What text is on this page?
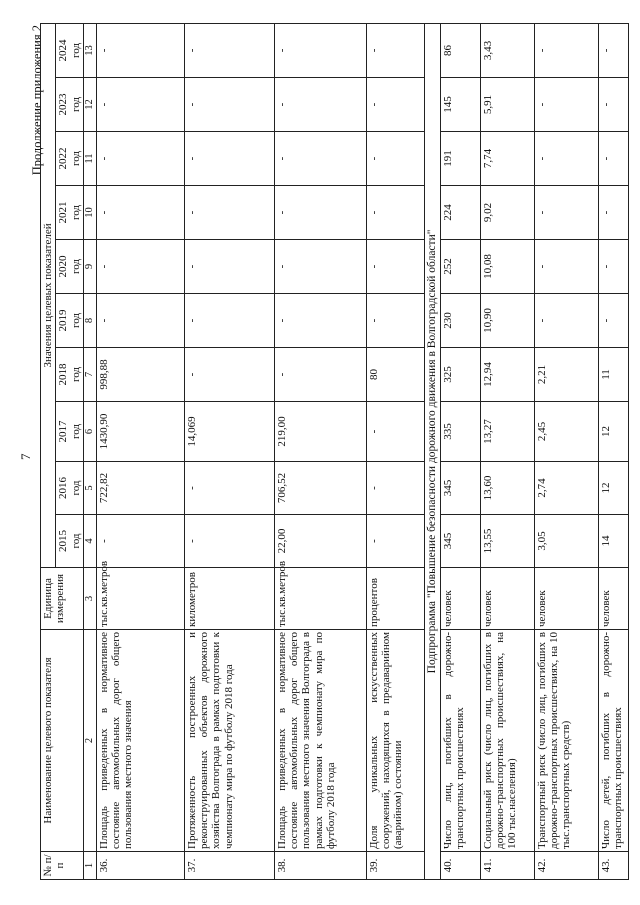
7
Продолжение приложения 2
№ п/п	Наименование целевого показателя	Единица измерения	Значения целевых показателей									

			2015 год	2016 год	2017 год	2018 год	2019 год	2020 год	2021 год	2022 год	2023 год	2024 год

1	2	3	4	5	6	7	8	9	10	11	12	13
36.	Площадь приведенных в нормативное состояние автомобильных дорог общего пользования местного значения	тыс.кв.метров	-	722,82	1430,90	998,88	-	-	-	-	-	-
37.	Протяженность построенных и реконструированных объектов дорожного хозяйства Волгограда в рамках подготовки к чемпионату мира по футболу 2018 года	километров	-	-	14,069	-	-	-	-	-	-	-
38.	Площадь приведенных в нормативное состояние автомобильных дорог общего пользования местного значения Волгограда в рамках подготовки к чемпионату мира по футболу 2018 года	тыс.кв.метров	22,00	706,52	219,00	-	-	-	-	-	-	-
39.	Доля уникальных искусственных сооружений, находящихся в предаварийном (аварийном) состоянии	процентов	-	-	-	80	-	-	-	-	-	-
Подпрограмма "Повышение безопасности дорожного движения в Волгоградской области"												
40.	Число лиц, погибших в дорожно-транспортных происшествиях	человек	345	345	335	325	230	252	224	191	145	86
41.	Социальный риск (число лиц, погибших в дорожно-транспортных происшествиях, на 100 тыс.населения)	человек	13,55	13,60	13,27	12,94	10,90	10,08	9,02	7,74	5,91	3,43
42.	Транспортный риск (число лиц, погибших в дорожно-транспортных происшествиях, на 10 тыс.транспортных средств)	человек	3,05	2,74	2,45	2,21	-	-	-	-	-	-
43.	Число детей, погибших в дорожно-транспортных происшествиях	человек	14	12	12	11	-	-	-	-	-	-
